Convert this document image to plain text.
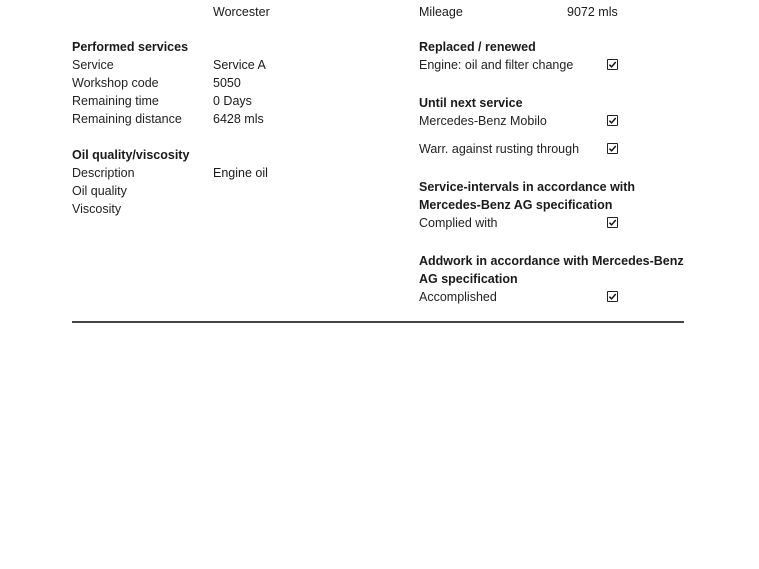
Worcester	Mileage	9072 mls
Performed services
Service	Service A
Workshop code	5050
Remaining time	0 Days
Remaining distance 6428 mls
Oil quality/viscosity
Description	Engine oil
Oil quality
Viscosity
Replaced / renewed
Engine: oil and filter change
Until next service
Mercedes-Benz Mobilo
Warr. against rusting through
Service-intervals in accordance with
Mercedes-Benz AG specification
Complied with
Addwork in accordance with Mercedes-Benz
AG specification
Accomplished
